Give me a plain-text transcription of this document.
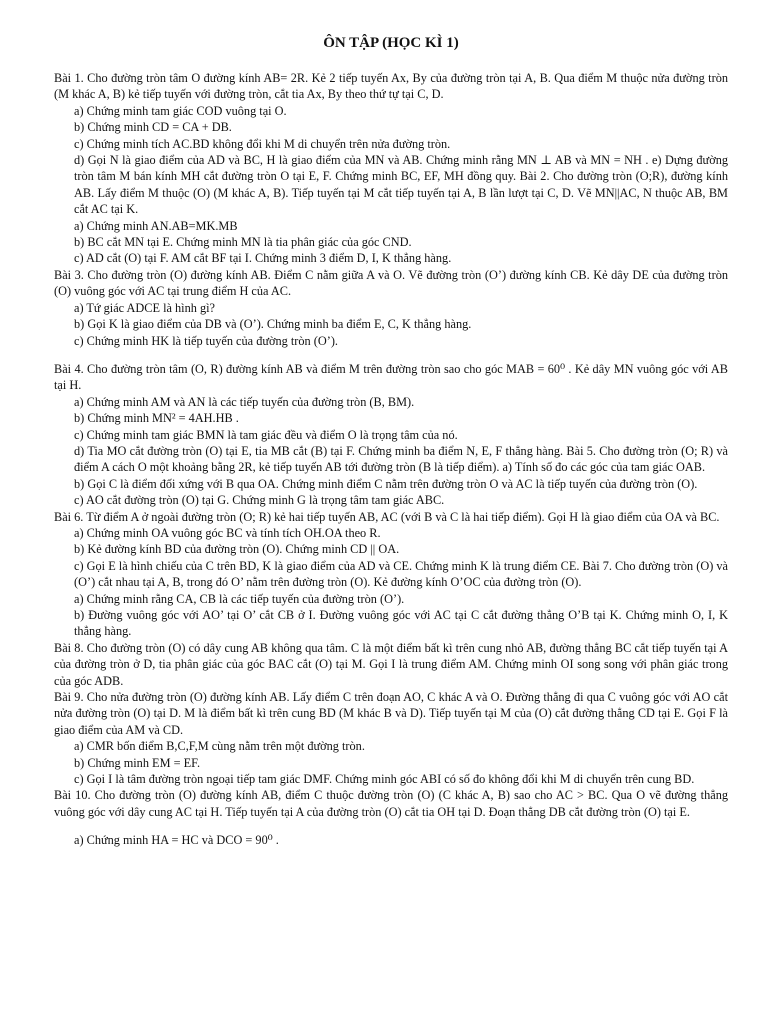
ÔN TẬP (HỌC KÌ 1)

Bài 1. Cho đường tròn tâm O đường kính AB= 2R. Kẻ 2 tiếp tuyến Ax, By của đường tròn tại A, B. Qua điểm M thuộc nửa đường tròn (M khác A, B) kẻ tiếp tuyến với đường tròn, cắt tia Ax, By theo thứ tự tại C, D.

a) Chứng minh tam giác COD vuông tại O.

b) Chứng minh CD = CA + DB.

c) Chứng minh tích AC.BD không đổi khi M di chuyển trên nửa đường tròn.

d) Gọi N là giao điểm của AD và BC, H là giao điểm của MN và AB. Chứng minh rằng MN ⊥ AB và MN = NH . e) Dựng đường tròn tâm M bán kính MH cắt đường tròn O tại E, F. Chứng minh BC, EF, MH đồng quy. Bài 2. Cho đường tròn (O;R), đường kính AB. Lấy điểm M thuộc (O) (M khác A, B). Tiếp tuyến tại M cắt tiếp tuyến tại A, B lần lượt tại C, D. Vẽ MN||AC, N thuộc AB, BM cắt AC tại K.

a) Chứng minh AN.AB=MK.MB

b) BC cắt MN tại E. Chứng minh MN là tia phân giác của góc CND.

c) AD cắt (O) tại F. AM cắt BF tại I. Chứng minh 3 điểm D, I, K thẳng hàng.

Bài 3. Cho đường tròn (O) đường kính AB. Điểm C nằm giữa A và O. Vẽ đường tròn (O’) đường kính CB. Kẻ dây DE của đường tròn (O) vuông góc với AC tại trung điểm H của AC.

a) Tứ giác ADCE là hình gì?

b) Gọi K là giao điểm của DB và (O’). Chứng minh ba điểm E, C, K thẳng hàng.

c) Chứng minh HK là tiếp tuyến của đường tròn (O’).

Bài 4. Cho đường tròn tâm (O, R) đường kính AB và điểm M trên đường tròn sao cho góc MAB = 60⁰ . Kẻ dây MN vuông góc với AB tại H.

a) Chứng minh AM và AN là các tiếp tuyến của đường tròn (B, BM).

b) Chứng minh MN² = 4AH.HB .

c) Chứng minh tam giác BMN là tam giác đều và điểm O là trọng tâm của nó.

d) Tia MO cắt đường tròn (O) tại E, tia MB cắt (B) tại F. Chứng minh ba điểm N, E, F thẳng hàng. Bài 5. Cho đường tròn (O; R) và điểm A cách O một khoảng bằng 2R, kẻ tiếp tuyến AB tới đường tròn (B là tiếp điểm). a) Tính số đo các góc của tam giác OAB.

b) Gọi C là điểm đối xứng với B qua OA. Chứng minh điểm C nằm trên đường tròn O và AC là tiếp tuyến của đường tròn (O).

c) AO cắt đường tròn (O) tại G. Chứng minh G là trọng tâm tam giác ABC.

Bài 6. Từ điểm A ở ngoài đường tròn (O; R) kẻ hai tiếp tuyến AB, AC (với B và C là hai tiếp điểm). Gọi H là giao điểm của OA và BC.

a) Chứng minh OA vuông góc BC và tính tích OH.OA theo R.

b) Kẻ đường kính BD của đường tròn (O). Chứng minh CD || OA.

c) Gọi E là hình chiếu của C trên BD, K là giao điểm của AD và CE. Chứng minh K là trung điểm CE. Bài 7. Cho đường tròn (O) và (O’) cắt nhau tại A, B, trong đó O’ nằm trên đường tròn (O). Kẻ đường kính O’OC của đường tròn (O).

a) Chứng minh rằng CA, CB là các tiếp tuyến của đường tròn (O’).

b) Đường vuông góc với AO’ tại O’ cắt CB ở I. Đường vuông góc với AC tại C cắt đường thẳng O’B tại K. Chứng minh O, I, K thẳng hàng.

Bài 8. Cho đường tròn (O) có dây cung AB không qua tâm. C là một điểm bất kì trên cung nhỏ AB, đường thẳng BC cắt tiếp tuyến tại A của đường tròn ở D, tia phân giác của góc BAC cắt (O) tại M. Gọi I là trung điểm AM. Chứng minh OI song song với phân giác trong của góc ADB.

Bài 9. Cho nửa đường tròn (O) đường kính AB. Lấy điểm C trên đoạn AO, C khác A và O. Đường thẳng đi qua C vuông góc với AO cắt nửa đường tròn (O) tại D. M là điểm bất kì trên cung BD (M khác B và D). Tiếp tuyến tại M của (O) cắt đường thẳng CD tại E. Gọi F là giao điểm của AM và CD.

a) CMR bốn điểm B,C,F,M cùng nằm trên một đường tròn.

b) Chứng minh EM = EF.

c) Gọi I là tâm đường tròn ngoại tiếp tam giác DMF. Chứng minh góc ABI có số đo không đổi khi M di chuyển trên cung BD.

Bài 10. Cho đường tròn (O) đường kính AB, điểm C thuộc đường tròn (O) (C khác A, B) sao cho AC > BC. Qua O vẽ đường thẳng vuông góc với dây cung AC tại H. Tiếp tuyến tại A của đường tròn (O) cắt tia OH tại D. Đoạn thẳng DB cắt đường tròn (O) tại E.

a) Chứng minh HA = HC và DCO = 90⁰ .
